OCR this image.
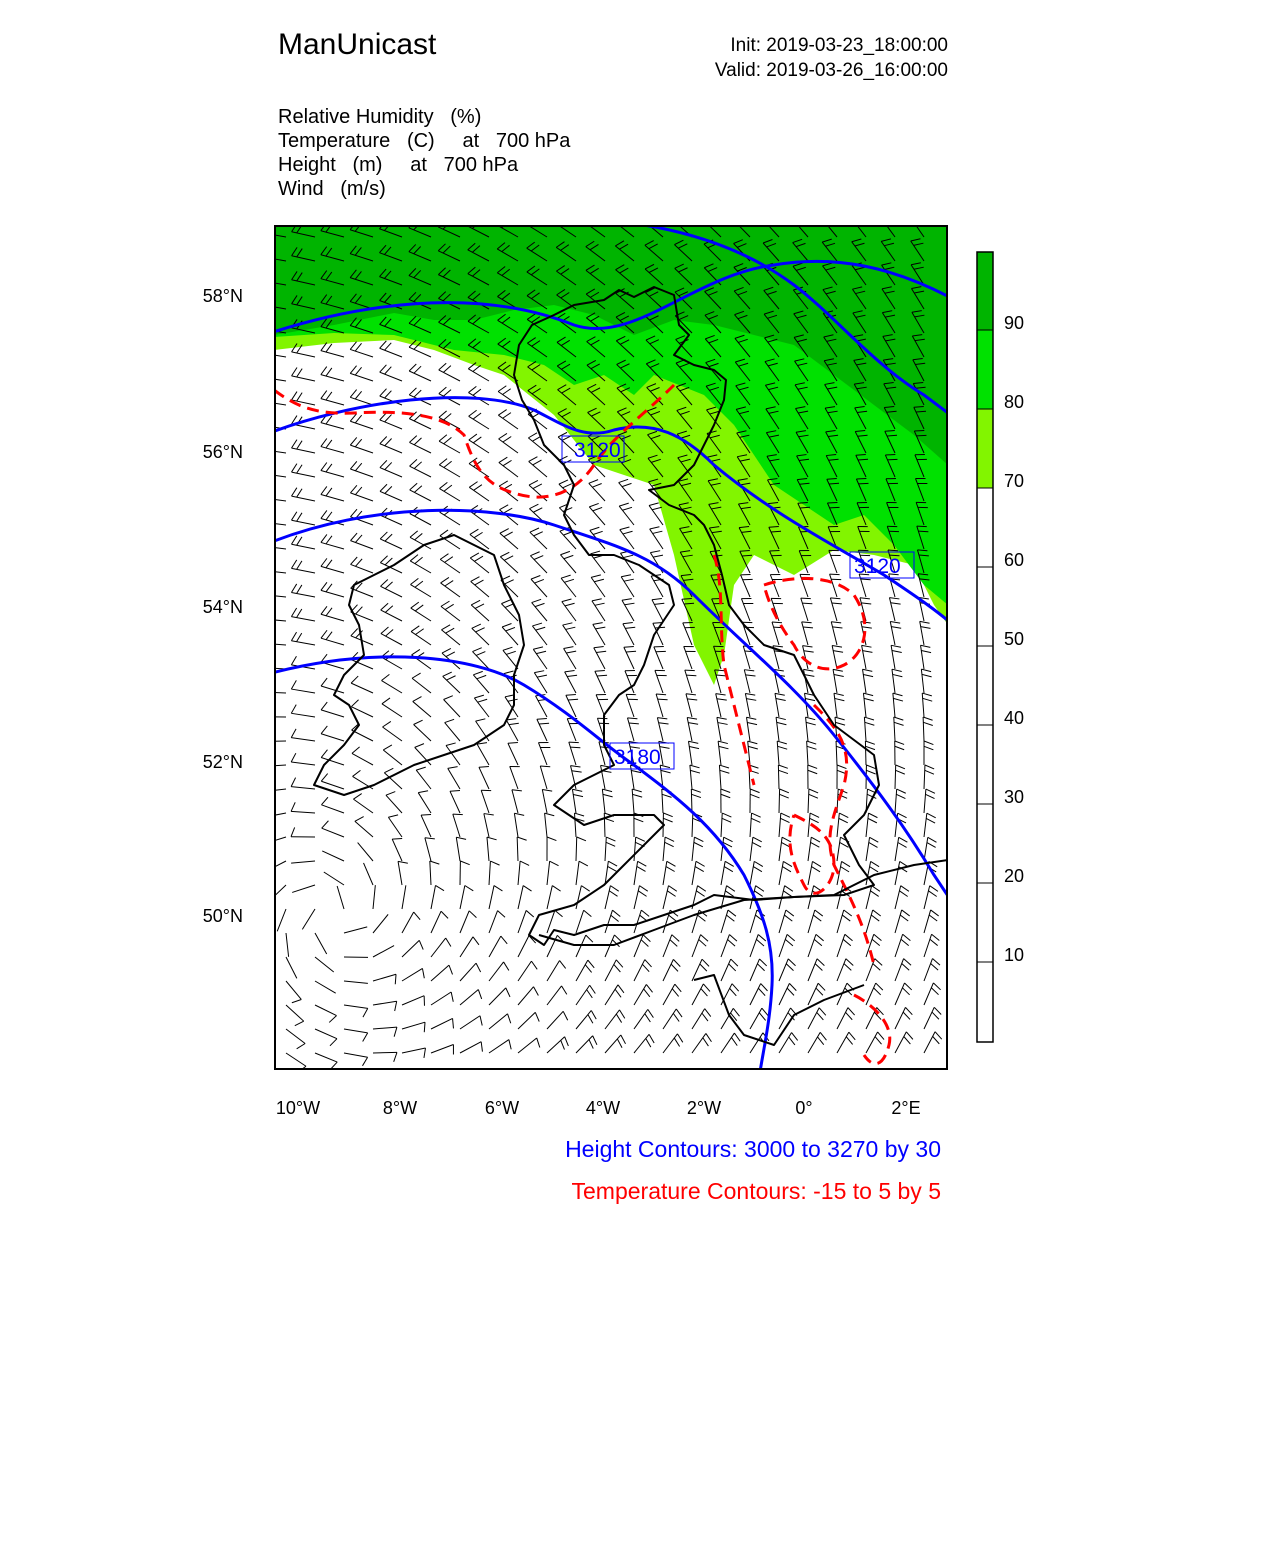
ManUnicast	Init: 2019-03-23_18:00:00
Valid: 2019-03-26_16:00:00
Relative Humidity   (%)
Temperature   (C)     at   700 hPa
Height   (m)     at   700 hPa
Wind   (m/s)
58°N
56°N
54°N
52°N
50°N
10°W	8°W	6°W	4°W	2°W	0°	2°E
3120
3120
3180
90
80
70
60
50
40
30
20
10
Height Contours: 3000 to 3270 by 30
Temperature Contours: -15 to 5 by 5
